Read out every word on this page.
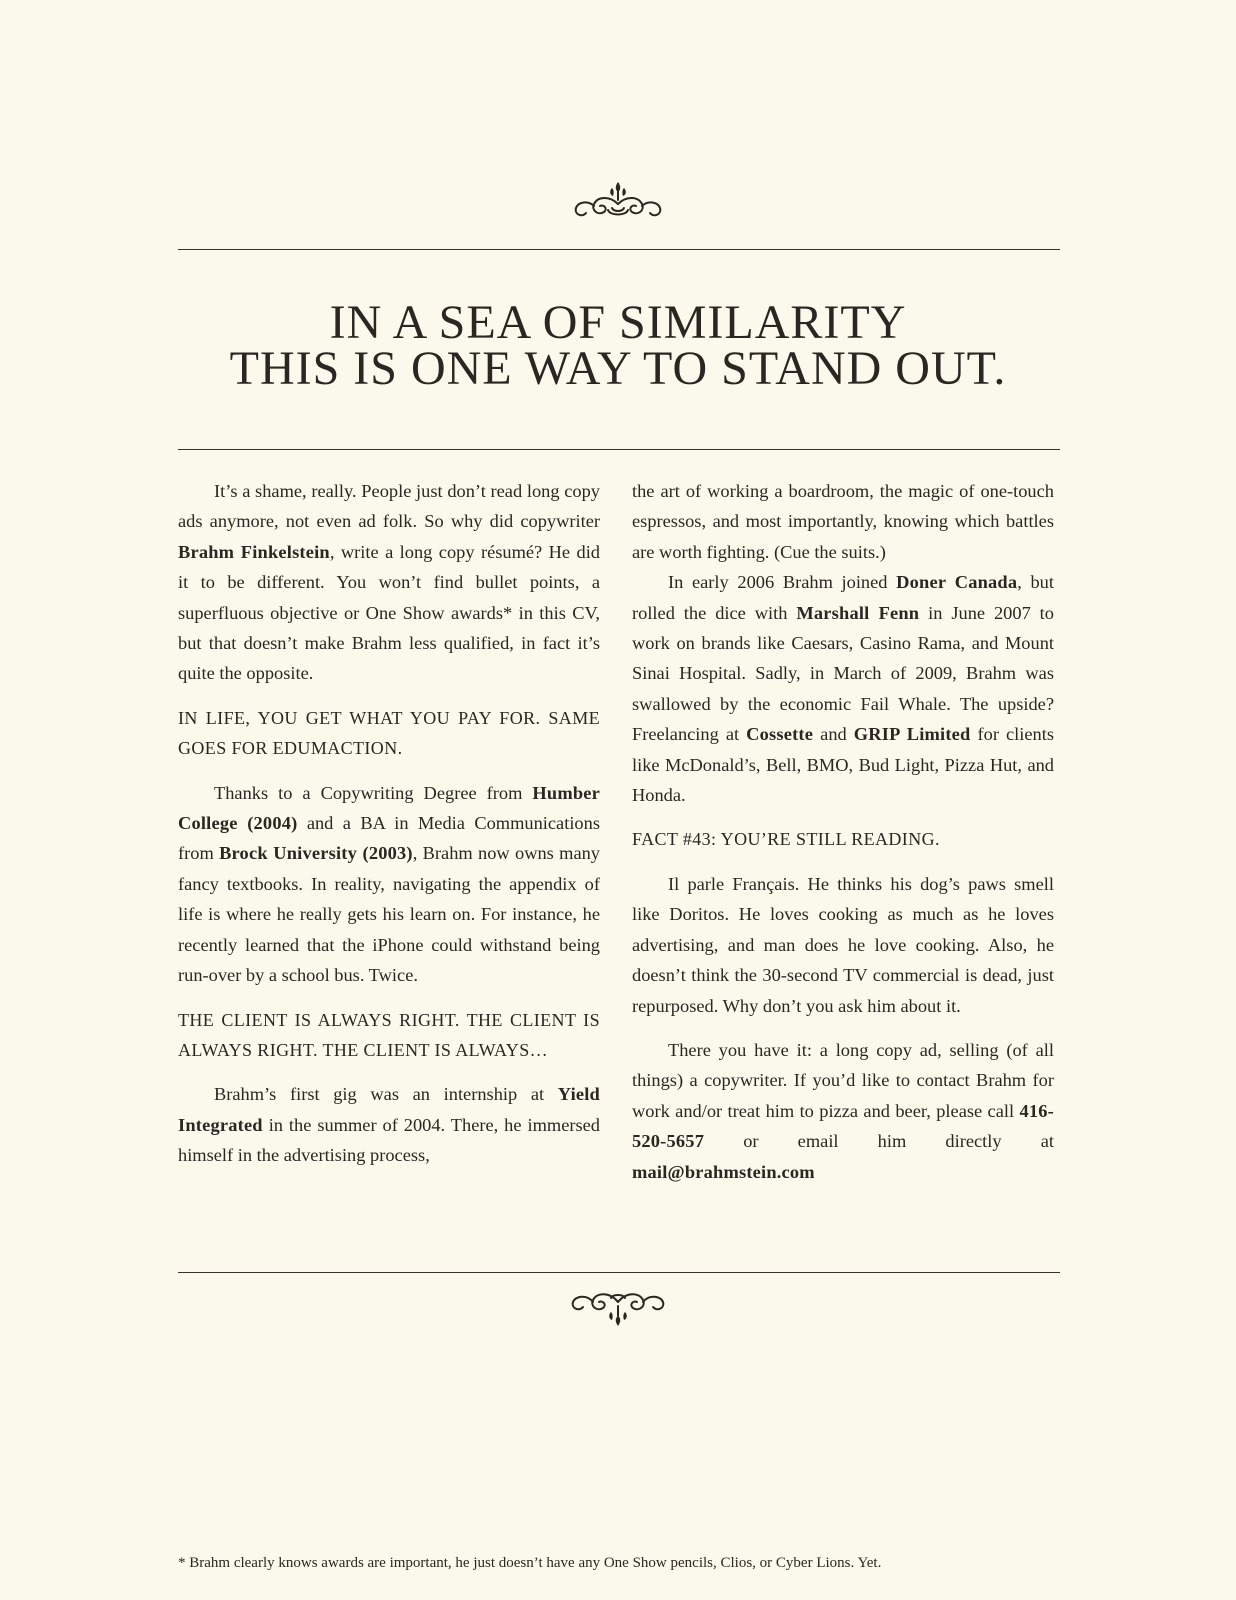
IN A SEA OF SIMILARITY
THIS IS ONE WAY TO STAND OUT.

It’s a shame, really. People just don’t read long copy ads anymore, not even ad folk. So why did copywriter Brahm Finkelstein, write a long copy résumé? He did it to be different. You won’t find bullet points, a superfluous objective or One Show awards* in this CV, but that doesn’t make Brahm less qualified, in fact it’s quite the opposite.

IN LIFE, YOU GET WHAT YOU PAY FOR. SAME GOES FOR EDUMACTION.

Thanks to a Copywriting Degree from Humber College (2004) and a BA in Media Communications from Brock University (2003), Brahm now owns many fancy textbooks. In reality, navigating the appendix of life is where he really gets his learn on. For instance, he recently learned that the iPhone could withstand being run-over by a school bus. Twice.

THE CLIENT IS ALWAYS RIGHT. THE CLIENT IS ALWAYS RIGHT. THE CLIENT IS ALWAYS…

Brahm’s first gig was an internship at Yield Integrated in the summer of 2004. There, he immersed himself in the advertising process,

the art of working a boardroom, the magic of one-touch espressos, and most importantly, knowing which battles are worth fighting. (Cue the suits.)

In early 2006 Brahm joined Doner Canada, but rolled the dice with Marshall Fenn in June 2007 to work on brands like Caesars, Casino Rama, and Mount Sinai Hospital. Sadly, in March of 2009, Brahm was swallowed by the economic Fail Whale. The upside? Freelancing at Cossette and GRIP Limited for clients like McDonald’s, Bell, BMO, Bud Light, Pizza Hut, and Honda.

FACT #43: YOU’RE STILL READING.

Il parle Français. He thinks his dog’s paws smell like Doritos. He loves cooking as much as he loves advertising, and man does he love cooking. Also, he doesn’t think the 30-second TV commercial is dead, just repurposed. Why don’t you ask him about it.

There you have it: a long copy ad, selling (of all things) a copywriter. If you’d like to contact Brahm for work and/or treat him to pizza and beer, please call 416-520-5657 or email him directly at mail@brahmstein.com

* Brahm clearly knows awards are important, he just doesn’t have any One Show pencils, Clios, or Cyber Lions. Yet.
